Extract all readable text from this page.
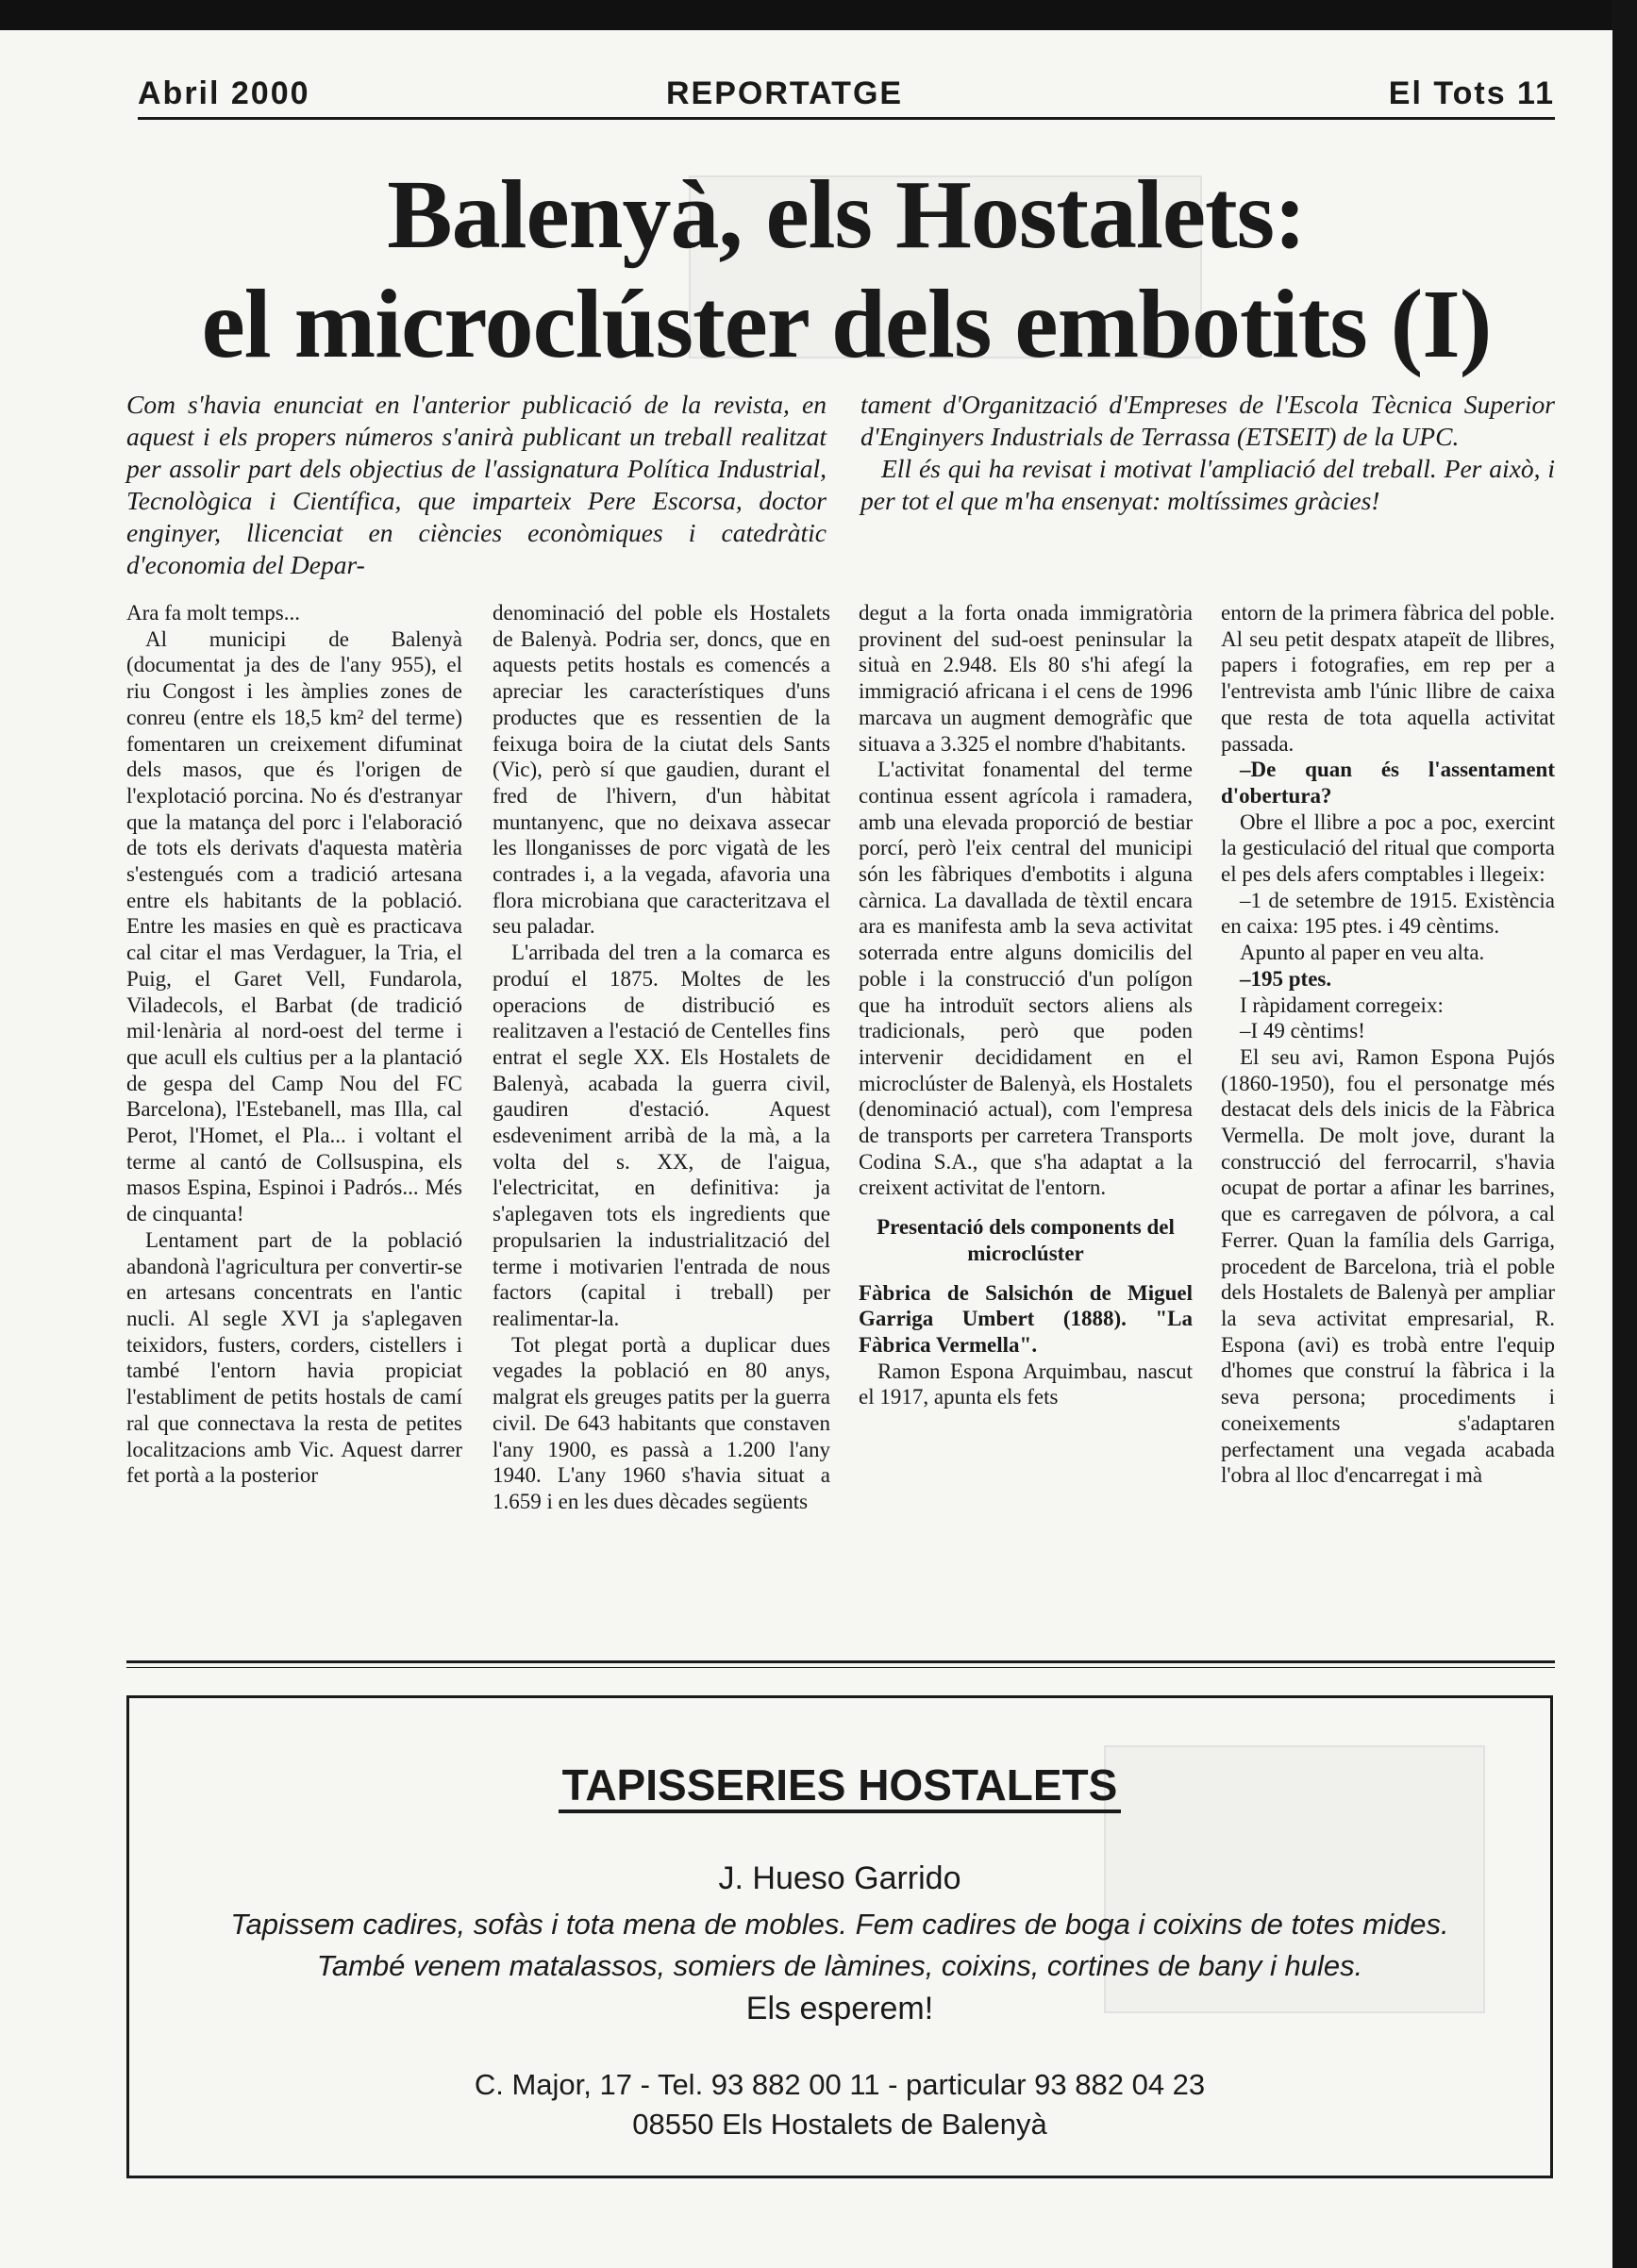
Abril 2000	REPORTATGE	El Tots 11
Balenyà, els Hostalets:
el microclúster dels embotits (I)

Com s'havia enunciat en l'anterior publicació de la revista, en aquest i els propers números s'anirà publicant un treball realitzat per assolir part dels objectius de l'assignatura Política Industrial, Tecnològica i Científica, que imparteix Pere Escorsa, doctor enginyer, llicenciat en ciències econòmiques i catedràtic d'economia del Depar-

tament d'Organització d'Empreses de l'Escola Tècnica Superior d'Enginyers Industrials de Terrassa (ETSEIT) de la UPC.

Ell és qui ha revisat i motivat l'ampliació del treball. Per això, i per tot el que m'ha ensenyat: moltíssimes gràcies!

Ara fa molt temps...

Al municipi de Balenyà (documentat ja des de l'any 955), el riu Congost i les àmplies zones de conreu (entre els 18,5 km² del terme) fomentaren un creixement difuminat dels masos, que és l'origen de l'explotació porcina. No és d'estranyar que la matança del porc i l'elaboració de tots els derivats d'aquesta matèria s'estengués com a tradició artesana entre els habitants de la població. Entre les masies en què es practicava cal citar el mas Verdaguer, la Tria, el Puig, el Garet Vell, Fundarola, Viladecols, el Barbat (de tradició mil·lenària al nord-oest del terme i que acull els cultius per a la plantació de gespa del Camp Nou del FC Barcelona), l'Estebanell, mas Illa, cal Perot, l'Homet, el Pla... i voltant el terme al cantó de Collsuspina, els masos Espina, Espinoi i Padrós... Més de cinquanta!

Lentament part de la població abandonà l'agricultura per convertir-se en artesans concentrats en l'antic nucli. Al segle XVI ja s'aplegaven teixidors, fusters, corders, cistellers i també l'entorn havia propiciat l'establiment de petits hostals de camí ral que connectava la resta de petites localitzacions amb Vic. Aquest darrer fet portà a la posterior

denominació del poble els Hostalets de Balenyà. Podria ser, doncs, que en aquests petits hostals es comencés a apreciar les característiques d'uns productes que es ressentien de la feixuga boira de la ciutat dels Sants (Vic), però sí que gaudien, durant el fred de l'hivern, d'un hàbitat muntanyenc, que no deixava assecar les llonganisses de porc vigatà de les contrades i, a la vegada, afavoria una flora microbiana que caracteritzava el seu paladar.

L'arribada del tren a la comarca es produí el 1875. Moltes de les operacions de distribució es realitzaven a l'estació de Centelles fins entrat el segle XX. Els Hostalets de Balenyà, acabada la guerra civil, gaudiren d'estació. Aquest esdeveniment arribà de la mà, a la volta del s. XX, de l'aigua, l'electricitat, en definitiva: ja s'aplegaven tots els ingredients que propulsarien la industrialització del terme i motivarien l'entrada de nous factors (capital i treball) per realimentar-la.

Tot plegat portà a duplicar dues vegades la població en 80 anys, malgrat els greuges patits per la guerra civil. De 643 habitants que constaven l'any 1900, es passà a 1.200 l'any 1940. L'any 1960 s'havia situat a 1.659 i en les dues dècades següents

degut a la forta onada immigratòria provinent del sud-oest peninsular la situà en 2.948. Els 80 s'hi afegí la immigració africana i el cens de 1996 marcava un augment demogràfic que situava a 3.325 el nombre d'habitants.

L'activitat fonamental del terme continua essent agrícola i ramadera, amb una elevada proporció de bestiar porcí, però l'eix central del municipi són les fàbriques d'embotits i alguna càrnica. La davallada de tèxtil encara ara es manifesta amb la seva activitat soterrada entre alguns domicilis del poble i la construcció d'un polígon que ha introduït sectors aliens als tradicionals, però que poden intervenir decididament en el microclúster de Balenyà, els Hostalets (denominació actual), com l'empresa de transports per carretera Transports Codina S.A., que s'ha adaptat a la creixent activitat de l'entorn.

Presentació dels components del microclúster

Fàbrica de Salsichón de Miguel Garriga Umbert (1888). "La Fàbrica Vermella".

Ramon Espona Arquimbau, nascut el 1917, apunta els fets

entorn de la primera fàbrica del poble. Al seu petit despatx atapeït de llibres, papers i fotografies, em rep per a l'entrevista amb l'únic llibre de caixa que resta de tota aquella activitat passada.

–De quan és l'assentament d'obertura?

Obre el llibre a poc a poc, exercint la gesticulació del ritual que comporta el pes dels afers comptables i llegeix:

–1 de setembre de 1915. Existència en caixa: 195 ptes. i 49 cèntims.

Apunto al paper en veu alta.

–195 ptes.

I ràpidament corregeix:

–I 49 cèntims!

El seu avi, Ramon Espona Pujós (1860-1950), fou el personatge més destacat dels dels inicis de la Fàbrica Vermella. De molt jove, durant la construcció del ferrocarril, s'havia ocupat de portar a afinar les barrines, que es carregaven de pólvora, a cal Ferrer. Quan la família dels Garriga, procedent de Barcelona, trià el poble dels Hostalets de Balenyà per ampliar la seva activitat empresarial, R. Espona (avi) es trobà entre l'equip d'homes que construí la fàbrica i la seva persona; procediments i coneixements s'adaptaren perfectament una vegada acabada l'obra al lloc d'encarregat i mà

TAPISSERIES HOSTALETS
J. Hueso Garrido
Tapissem cadires, sofàs i tota mena de mobles. Fem cadires de boga i coixins de totes mides.
També venem matalassos, somiers de làmines, coixins, cortines de bany i hules.
Els esperem!
C. Major, 17 - Tel. 93 882 00 11 - particular 93 882 04 23
08550 Els Hostalets de Balenyà
